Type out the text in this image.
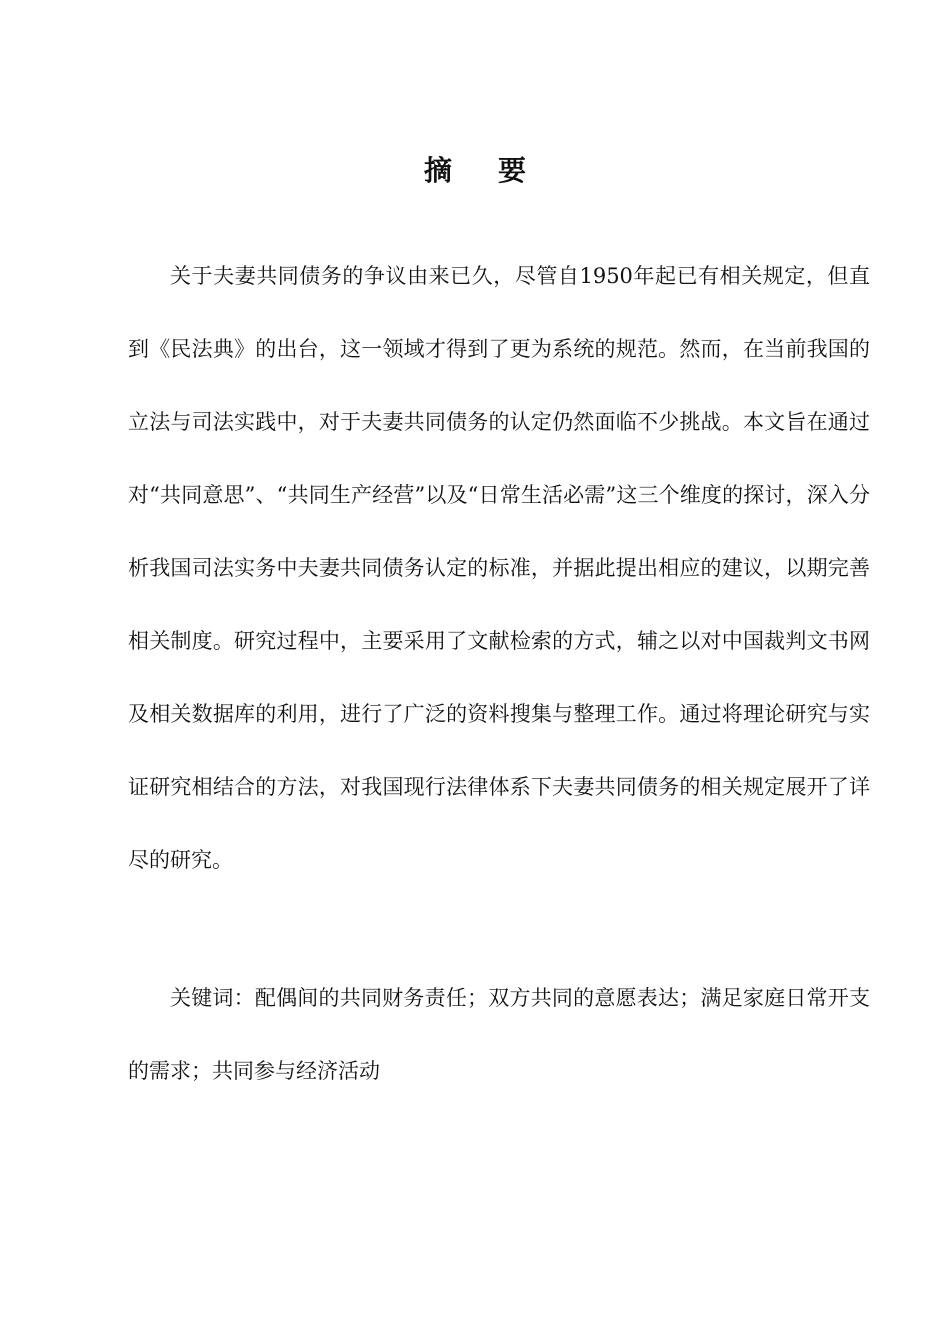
摘要

关于夫妻共同债务的争议由来已久，尽管自1950年起已有相关规定，但直到《民法典》的出台，这一领域才得到了更为系统的规范。然而，在当前我国的立法与司法实践中，对于夫妻共同债务的认定仍然面临不少挑战。本文旨在通过对“共同意思”、“共同生产经营”以及“日常生活必需”这三个维度的探讨，深入分析我国司法实务中夫妻共同债务认定的标准，并据此提出相应的建议，以期完善相关制度。研究过程中，主要采用了文献检索的方式，辅之以对中国裁判文书网及相关数据库的利用，进行了广泛的资料搜集与整理工作。通过将理论研究与实证研究相结合的方法，对我国现行法律体系下夫妻共同债务的相关规定展开了详尽的研究。

关键词：配偶间的共同财务责任；双方共同的意愿表达；满足家庭日常开支的需求；共同参与经济活动
